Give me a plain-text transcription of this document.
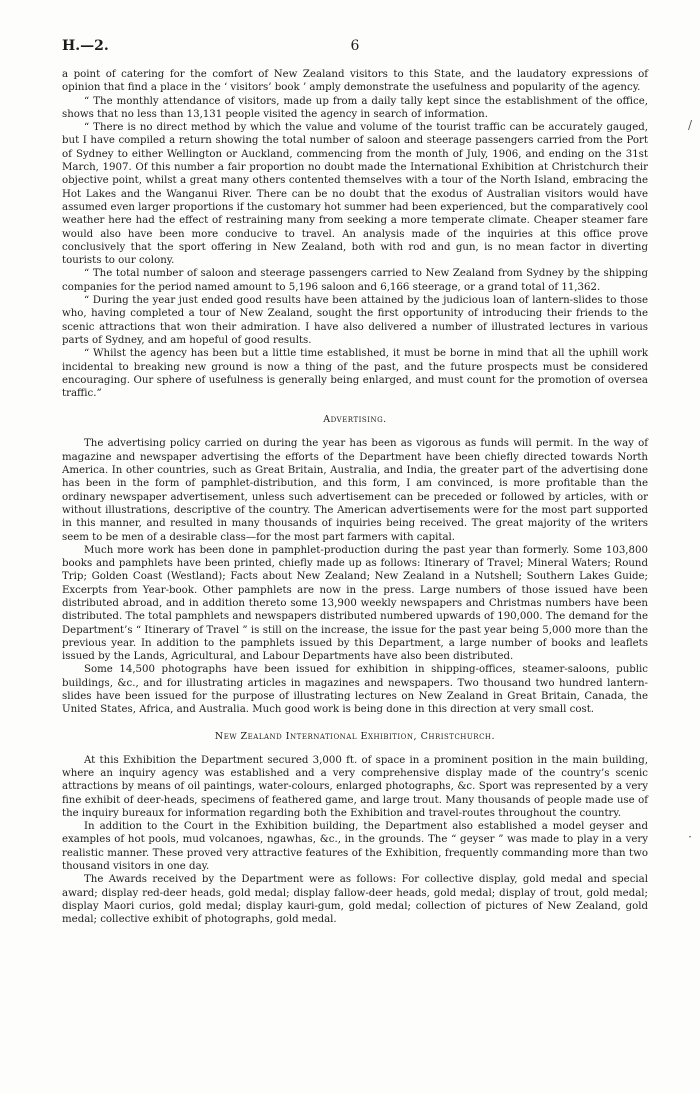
H.—2.	6

a point of catering for the comfort of New Zealand visitors to this State, and the laudatory expressions of opinion that find a place in the ‘ visitors’ book ’ amply demonstrate the usefulness and popularity of the agency.

“ The monthly attendance of visitors, made up from a daily tally kept since the establishment of the office, shows that no less than 13,131 people visited the agency in search of information.

“ There is no direct method by which the value and volume of the tourist traffic can be accurately gauged, but I have compiled a return showing the total number of saloon and steerage passengers carried from the Port of Sydney to either Wellington or Auckland, commencing from the month of July, 1906, and ending on the 31st March, 1907. Of this number a fair proportion no doubt made the International Exhibition at Christchurch their objective point, whilst a great many others contented themselves with a tour of the North Island, embracing the Hot Lakes and the Wanganui River. There can be no doubt that the exodus of Australian visitors would have assumed even larger proportions if the customary hot summer had been experienced, but the comparatively cool weather here had the effect of restraining many from seeking a more temperate climate. Cheaper steamer fare would also have been more conducive to travel. An analysis made of the inquiries at this office prove conclusively that the sport offering in New Zealand, both with rod and gun, is no mean factor in diverting tourists to our colony.

“ The total number of saloon and steerage passengers carried to New Zealand from Sydney by the shipping companies for the period named amount to 5,196 saloon and 6,166 steerage, or a grand total of 11,362.

“ During the year just ended good results have been attained by the judicious loan of lantern-slides to those who, having completed a tour of New Zealand, sought the first opportunity of introducing their friends to the scenic attractions that won their admiration. I have also delivered a number of illustrated lectures in various parts of Sydney, and am hopeful of good results.

“ Whilst the agency has been but a little time established, it must be borne in mind that all the uphill work incidental to breaking new ground is now a thing of the past, and the future prospects must be considered encouraging. Our sphere of usefulness is generally being enlarged, and must count for the promotion of oversea traffic.”

Advertising.

The advertising policy carried on during the year has been as vigorous as funds will permit. In the way of magazine and newspaper advertising the efforts of the Department have been chiefly directed towards North America. In other countries, such as Great Britain, Australia, and India, the greater part of the advertising done has been in the form of pamphlet-distribution, and this form, I am convinced, is more profitable than the ordinary newspaper advertisement, unless such advertisement can be preceded or followed by articles, with or without illustrations, descriptive of the country. The American advertisements were for the most part supported in this manner, and resulted in many thousands of inquiries being received. The great majority of the writers seem to be men of a desirable class—for the most part farmers with capital.

Much more work has been done in pamphlet-production during the past year than formerly. Some 103,800 books and pamphlets have been printed, chiefly made up as follows: Itinerary of Travel; Mineral Waters; Round Trip; Golden Coast (Westland); Facts about New Zealand; New Zealand in a Nutshell; Southern Lakes Guide; Excerpts from Year-book. Other pamphlets are now in the press. Large numbers of those issued have been distributed abroad, and in addition thereto some 13,900 weekly newspapers and Christmas numbers have been distributed. The total pamphlets and newspapers distributed numbered upwards of 190,000. The demand for the Department’s “ Itinerary of Travel ” is still on the increase, the issue for the past year being 5,000 more than the previous year. In addition to the pamphlets issued by this Department, a large number of books and leaflets issued by the Lands, Agricultural, and Labour Departments have also been distributed.

Some 14,500 photographs have been issued for exhibition in shipping-offices, steamer-saloons, public buildings, &c., and for illustrating articles in magazines and newspapers. Two thousand two hundred lantern-slides have been issued for the purpose of illustrating lectures on New Zealand in Great Britain, Canada, the United States, Africa, and Australia. Much good work is being done in this direction at very small cost.

New Zealand International Exhibition, Christchurch.

At this Exhibition the Department secured 3,000 ft. of space in a prominent position in the main building, where an inquiry agency was established and a very comprehensive display made of the country’s scenic attractions by means of oil paintings, water-colours, enlarged photographs, &c. Sport was represented by a very fine exhibit of deer-heads, specimens of feathered game, and large trout. Many thousands of people made use of the inquiry bureaux for information regarding both the Exhibition and travel-routes throughout the country.

In addition to the Court in the Exhibition building, the Department also established a model geyser and examples of hot pools, mud volcanoes, ngawhas, &c., in the grounds. The “ geyser ” was made to play in a very realistic manner. These proved very attractive features of the Exhibition, frequently commanding more than two thousand visitors in one day.

The Awards received by the Department were as follows: For collective display, gold medal and special award; display red-deer heads, gold medal; display fallow-deer heads, gold medal; display of trout, gold medal; display Maori curios, gold medal; display kauri-gum, gold medal; collection of pictures of New Zealand, gold medal; collective exhibit of photographs, gold medal.

/
·
